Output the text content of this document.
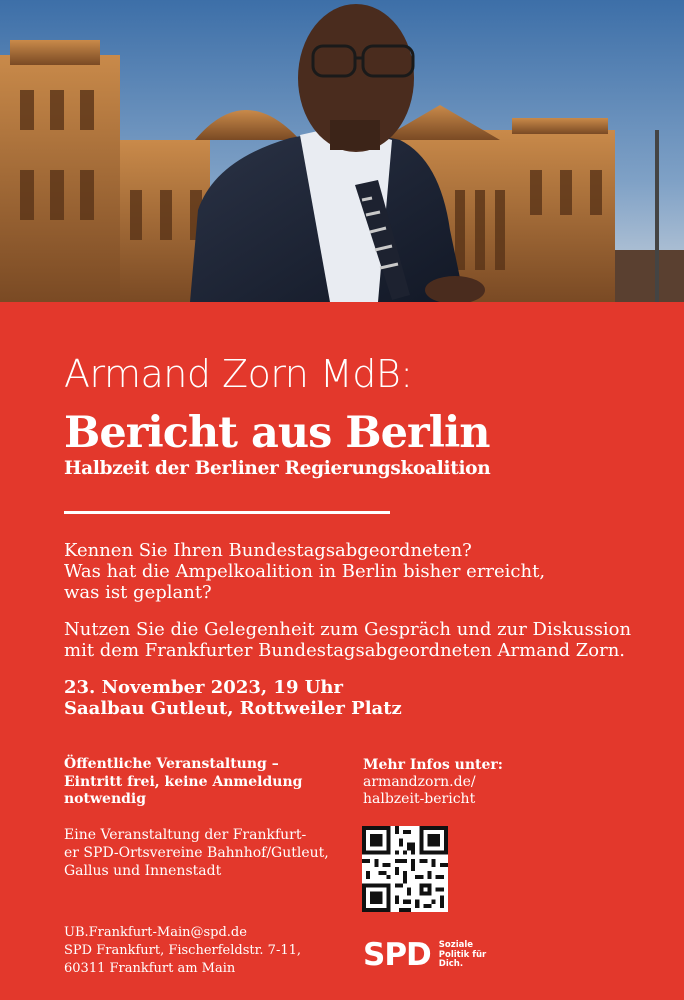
Armand Zorn MdB:
Bericht aus Berlin
Halbzeit der Berliner Regierungskoalition
Kennen Sie Ihren Bundestagsabgeordneten?
Was hat die Ampelkoalition in Berlin bisher erreicht,
was ist geplant?
Nutzen Sie die Gelegenheit zum Gespräch und zur Diskussion
mit dem Frankfurter Bundestagsabgeordneten Armand Zorn.
23. November 2023, 19 Uhr
Saalbau Gutleut, Rottweiler Platz
Öffentliche Veranstaltung –
Eintritt frei, keine Anmeldung
notwendig
Eine Veranstaltung der Frankfurt-
er SPD-Ortsvereine Bahnhof/Gutleut,
Gallus und Innenstadt
UB.Frankfurt-Main@spd.de
SPD Frankfurt, Fischerfeldstr. 7-11,
60311 Frankfurt am Main
Mehr Infos unter:
armandzorn.de/
halbzeit-bericht
SPD Soziale
Politik für
Dich.
